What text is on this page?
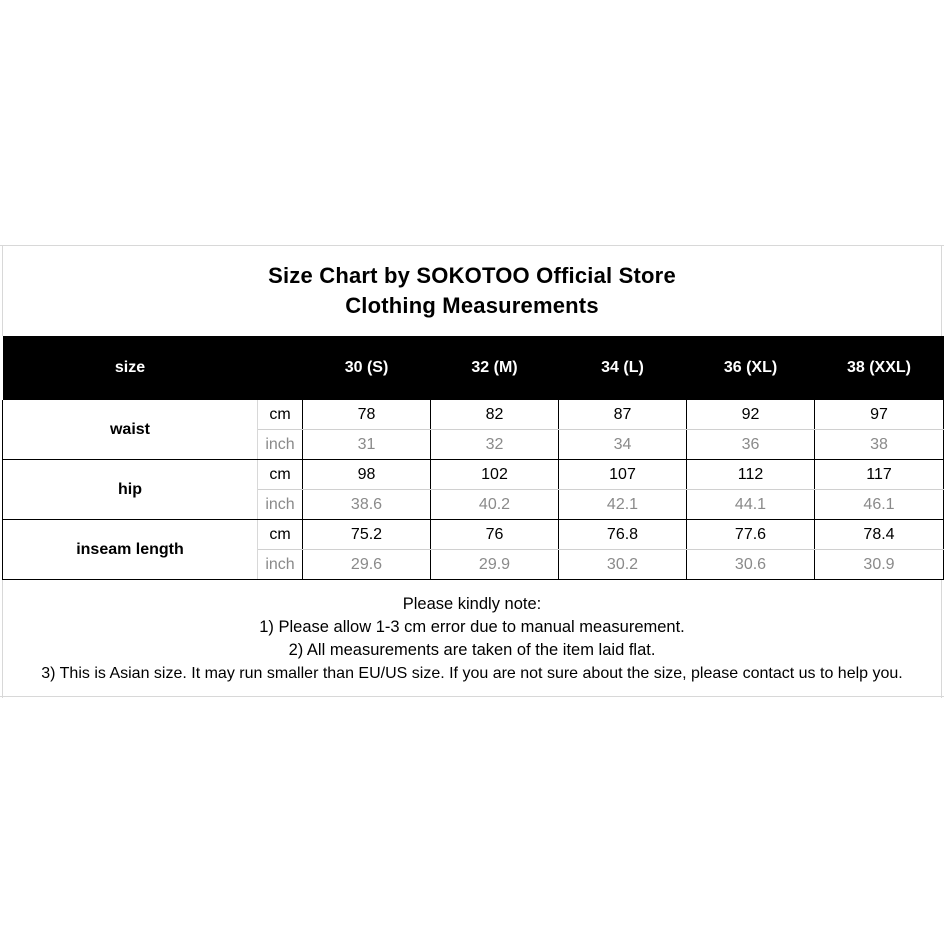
Size Chart by SOKOTOO Official Store
Clothing Measurements
size		30 (S)	32 (M)	34 (L)	36 (XL)	38 (XXL)
waist	cm	78	82	87	92	97
	inch	31	32	34	36	38
hip	cm	98	102	107	112	117
	inch	38.6	40.2	42.1	44.1	46.1
inseam length	cm	75.2	76	76.8	77.6	78.4
	inch	29.6	29.9	30.2	30.6	30.9
Please kindly note:
1) Please allow 1-3 cm error due to manual measurement.
2) All measurements are taken of the item laid flat.
3) This is Asian size. It may run smaller than EU/US size. If you are not sure about the size, please contact us to help you.
